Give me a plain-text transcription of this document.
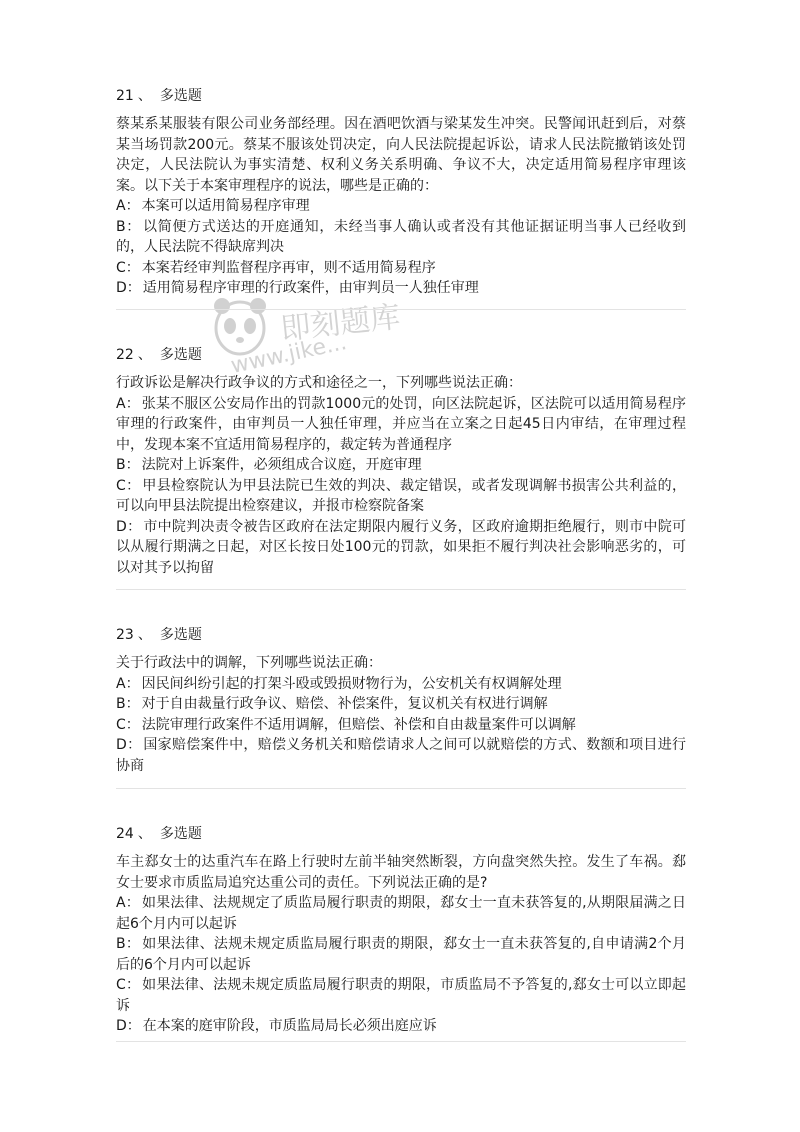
即刻题库
www.jike...
21 、 多选题

蔡某系某服装有限公司业务部经理。因在酒吧饮酒与梁某发生冲突。民警闻讯赶到后，对蔡某当场罚款200元。蔡某不服该处罚决定，向人民法院提起诉讼，请求人民法院撤销该处罚决定，人民法院认为事实清楚、权利义务关系明确、争议不大，决定适用简易程序审理该案。以下关于本案审理程序的说法，哪些是正确的：

A： 本案可以适用简易程序审理

B： 以简便方式送达的开庭通知，未经当事人确认或者没有其他证据证明当事人已经收到的，人民法院不得缺席判决

C： 本案若经审判监督程序再审，则不适用简易程序

D： 适用简易程序审理的行政案件，由审判员一人独任审理

22 、 多选题

行政诉讼是解决行政争议的方式和途径之一，下列哪些说法正确：

A： 张某不服区公安局作出的罚款1000元的处罚，向区法院起诉，区法院可以适用简易程序审理的行政案件，由审判员一人独任审理，并应当在立案之日起45日内审结，在审理过程中，发现本案不宜适用简易程序的，裁定转为普通程序

B： 法院对上诉案件，必须组成合议庭，开庭审理

C： 甲县检察院认为甲县法院已生效的判决、裁定错误，或者发现调解书损害公共利益的，可以向甲县法院提出检察建议，并报市检察院备案

D： 市中院判决责令被告区政府在法定期限内履行义务，区政府逾期拒绝履行，则市中院可以从履行期满之日起，对区长按日处100元的罚款，如果拒不履行判决社会影响恶劣的，可以对其予以拘留

23 、 多选题

关于行政法中的调解，下列哪些说法正确：

A： 因民间纠纷引起的打架斗殴或毁损财物行为，公安机关有权调解处理

B： 对于自由裁量行政争议、赔偿、补偿案件，复议机关有权进行调解

C： 法院审理行政案件不适用调解，但赔偿、补偿和自由裁量案件可以调解

D： 国家赔偿案件中，赔偿义务机关和赔偿请求人之间可以就赔偿的方式、数额和项目进行协商

24 、 多选题

车主郄女士的达重汽车在路上行驶时左前半轴突然断裂，方向盘突然失控。发生了车祸。郄女士要求市质监局追究达重公司的责任。下列说法正确的是?

A： 如果法律、法规规定了质监局履行职责的期限，郄女士一直未获答复的,从期限届满之日起6个月内可以起诉

B： 如果法律、法规未规定质监局履行职责的期限，郄女士一直未获答复的,自申请满2个月后的6个月内可以起诉

C： 如果法律、法规未规定质监局履行职责的期限，市质监局不予答复的,郄女士可以立即起诉

D： 在本案的庭审阶段，市质监局局长必须出庭应诉
